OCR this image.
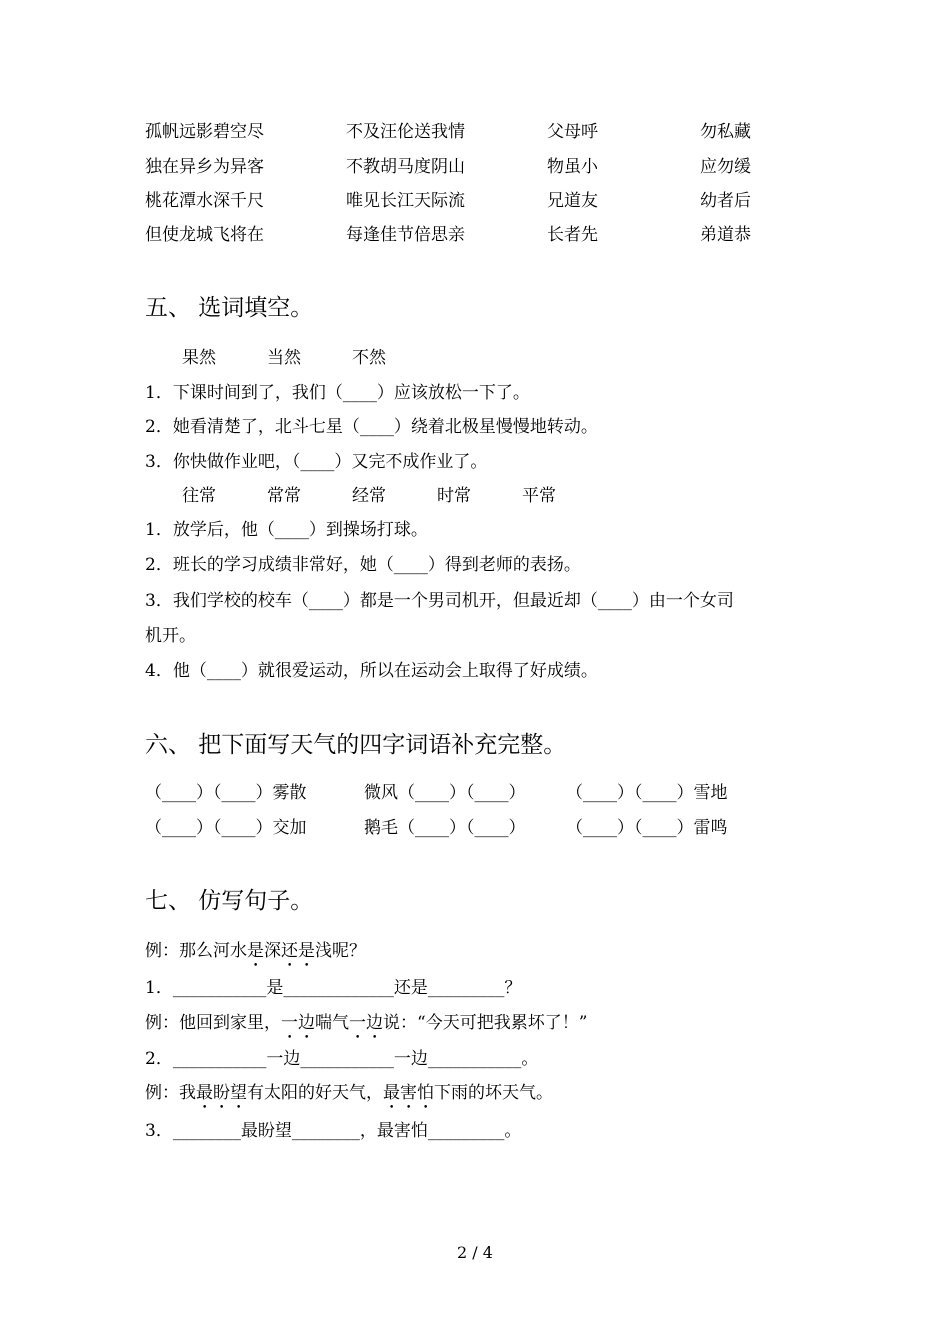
孤帆远影碧空尽	不及汪伦送我情	父母呼	勿私藏
独在异乡为异客	不教胡马度阴山	物虽小	应勿缓
桃花潭水深千尺	唯见长江天际流	兄道友	幼者后
但使龙城飞将在	每逢佳节倍思亲	长者先	弟道恭
五、 选词填空。
果然　　　当然　　　不然
1．下课时间到了，我们（____）应该放松一下了。
2．她看清楚了，北斗七星（____）绕着北极星慢慢地转动。
3．你快做作业吧，（____）又完不成作业了。
往常　　　常常　　　经常　　　时常　　　平常
1．放学后，他（____）到操场打球。
2．班长的学习成绩非常好，她（____）得到老师的表扬。
3．我们学校的校车（____）都是一个男司机开，但最近却（____）由一个女司
机开。
4．他（____）就很爱运动，所以在运动会上取得了好成绩。
六、 把下面写天气的四字词语补充完整。
（____）（____）雾散	微风（____）（____） （____）（____）雪地
（____）（____）交加	鹅毛（____）（____） （____）（____）雷鸣
七、 仿写句子。
例：那么河水是深还是浅呢？
1．___________是_____________还是_________？
例：他回到家里，一边喘气一边说：“今天可把我累坏了！”
2．___________一边___________一边___________。
例：我最盼望有太阳的好天气，最害怕下雨的坏天气。
3．________最盼望________，最害怕_________。
2 / 4
